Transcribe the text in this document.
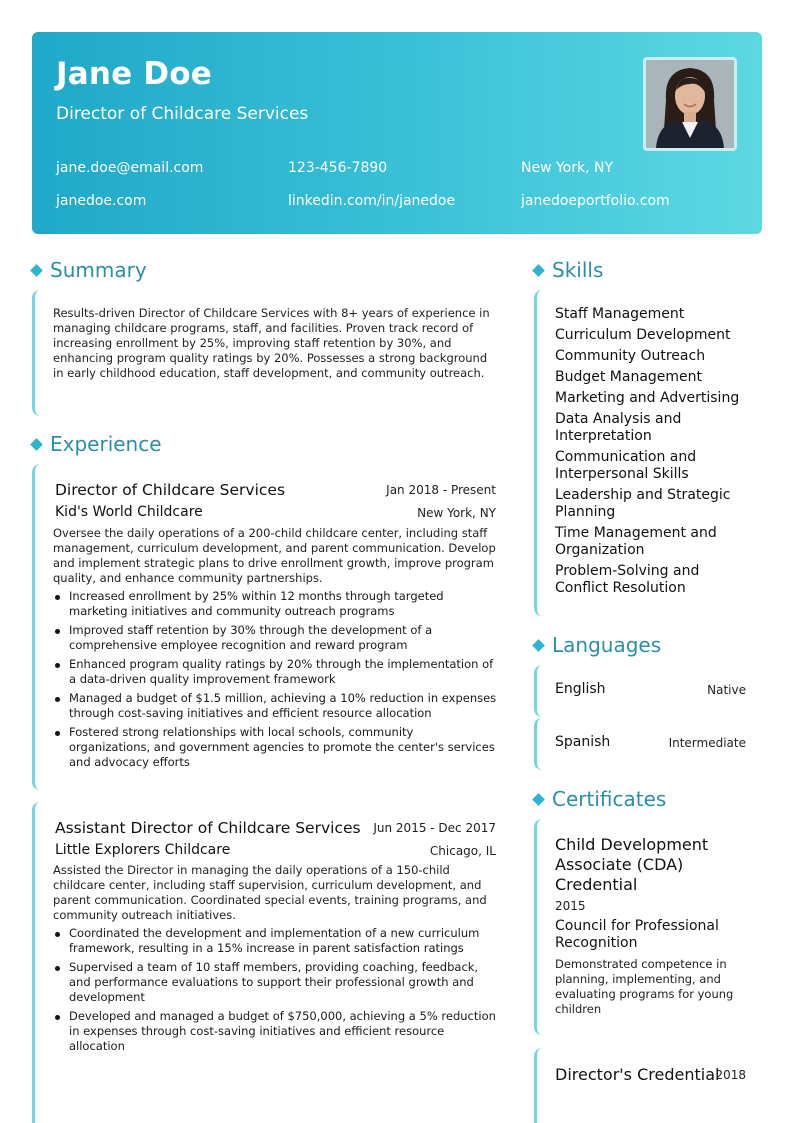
Jane Doe
Director of Childcare Services
jane.doe@email.com	123-456-7890	New York, NY
janedoe.com	linkedin.com/in/janedoe	janedoeportfolio.com
Summary
Results-driven Director of Childcare Services with 8+ years of experience in managing childcare programs, staff, and facilities. Proven track record of increasing enrollment by 25%, improving staff retention by 30%, and enhancing program quality ratings by 20%. Possesses a strong background in early childhood education, staff development, and community outreach.
Experience
Director of Childcare Services	Jan 2018 - Present
Kid's World Childcare	New York, NY
Oversee the daily operations of a 200-child childcare center, including staff management, curriculum development, and parent communication. Develop and implement strategic plans to drive enrollment growth, improve program quality, and enhance community partnerships.
Increased enrollment by 25% within 12 months through targeted marketing initiatives and community outreach programs
Improved staff retention by 30% through the development of a comprehensive employee recognition and reward program
Enhanced program quality ratings by 20% through the implementation of a data-driven quality improvement framework
Managed a budget of $1.5 million, achieving a 10% reduction in expenses through cost-saving initiatives and efficient resource allocation
Fostered strong relationships with local schools, community organizations, and government agencies to promote the center's services and advocacy efforts
Assistant Director of Childcare Services Jun 2015 - Dec 2017
Little Explorers Childcare	Chicago, IL
Assisted the Director in managing the daily operations of a 150-child childcare center, including staff supervision, curriculum development, and parent communication. Coordinated special events, training programs, and community outreach initiatives.
Coordinated the development and implementation of a new curriculum framework, resulting in a 15% increase in parent satisfaction ratings
Supervised a team of 10 staff members, providing coaching, feedback, and performance evaluations to support their professional growth and development
Developed and managed a budget of $750,000, achieving a 5% reduction in expenses through cost-saving initiatives and efficient resource allocation
Skills
Staff Management
Curriculum Development
Community Outreach
Budget Management
Marketing and Advertising
Data Analysis and Interpretation
Communication and Interpersonal Skills
Leadership and Strategic Planning
Time Management and Organization
Problem-Solving and Conflict Resolution
Languages
English	Native
Spanish	Intermediate
Certificates
Child Development Associate (CDA) Credential
2015
Council for Professional Recognition
Demonstrated competence in planning, implementing, and evaluating programs for young children
Director's Credential
2018
